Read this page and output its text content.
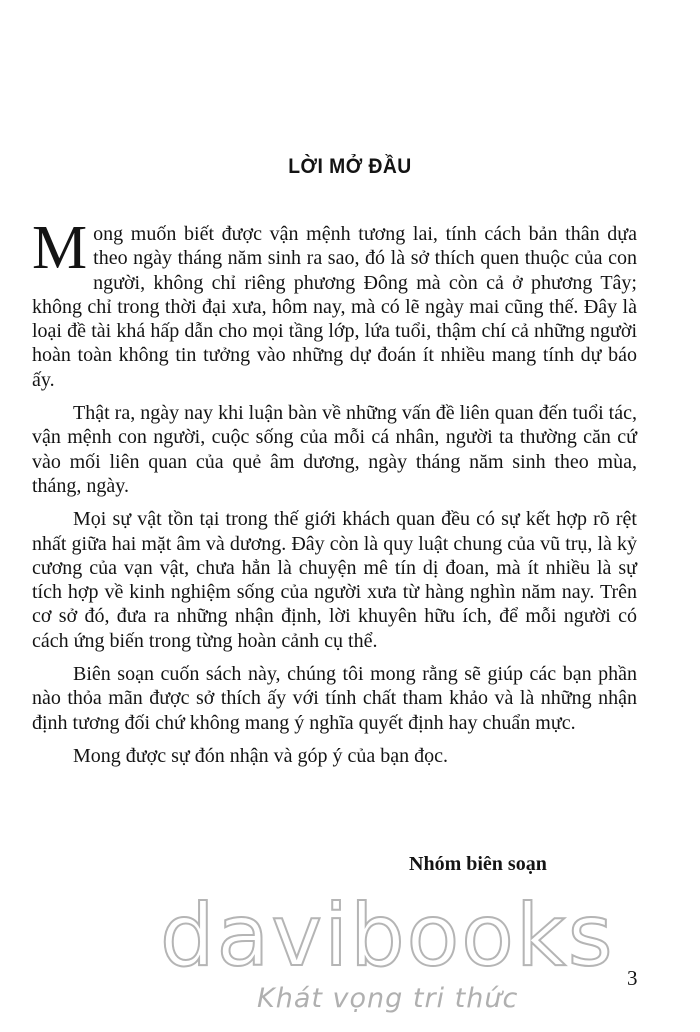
LỜI MỞ ĐẦU

Mong muốn biết được vận mệnh tương lai, tính cách bản thân dựa theo ngày tháng năm sinh ra sao, đó là sở thích quen thuộc của con người, không chỉ riêng phương Đông mà còn cả ở phương Tây; không chỉ trong thời đại xưa, hôm nay, mà có lẽ ngày mai cũng thế. Đây là loại đề tài khá hấp dẫn cho mọi tầng lớp, lứa tuổi, thậm chí cả những người hoàn toàn không tin tưởng vào những dự đoán ít nhiều mang tính dự báo ấy.

Thật ra, ngày nay khi luận bàn về những vấn đề liên quan đến tuổi tác, vận mệnh con người, cuộc sống của mỗi cá nhân, người ta thường căn cứ vào mối liên quan của quẻ âm dương, ngày tháng năm sinh theo mùa, tháng, ngày.

Mọi sự vật tồn tại trong thế giới khách quan đều có sự kết hợp rõ rệt nhất giữa hai mặt âm và dương. Đây còn là quy luật chung của vũ trụ, là kỷ cương của vạn vật, chưa hẳn là chuyện mê tín dị đoan, mà ít nhiều là sự tích hợp về kinh nghiệm sống của người xưa từ hàng nghìn năm nay. Trên cơ sở đó, đưa ra những nhận định, lời khuyên hữu ích, để mỗi người có cách ứng biến trong từng hoàn cảnh cụ thể.

Biên soạn cuốn sách này, chúng tôi mong rằng sẽ giúp các bạn phần nào thỏa mãn được sở thích ấy với tính chất tham khảo và là những nhận định tương đối chứ không mang ý nghĩa quyết định hay chuẩn mực.

Mong được sự đón nhận và góp ý của bạn đọc.

Nhóm biên soạn
davibooks
Khát vọng tri thức
3
